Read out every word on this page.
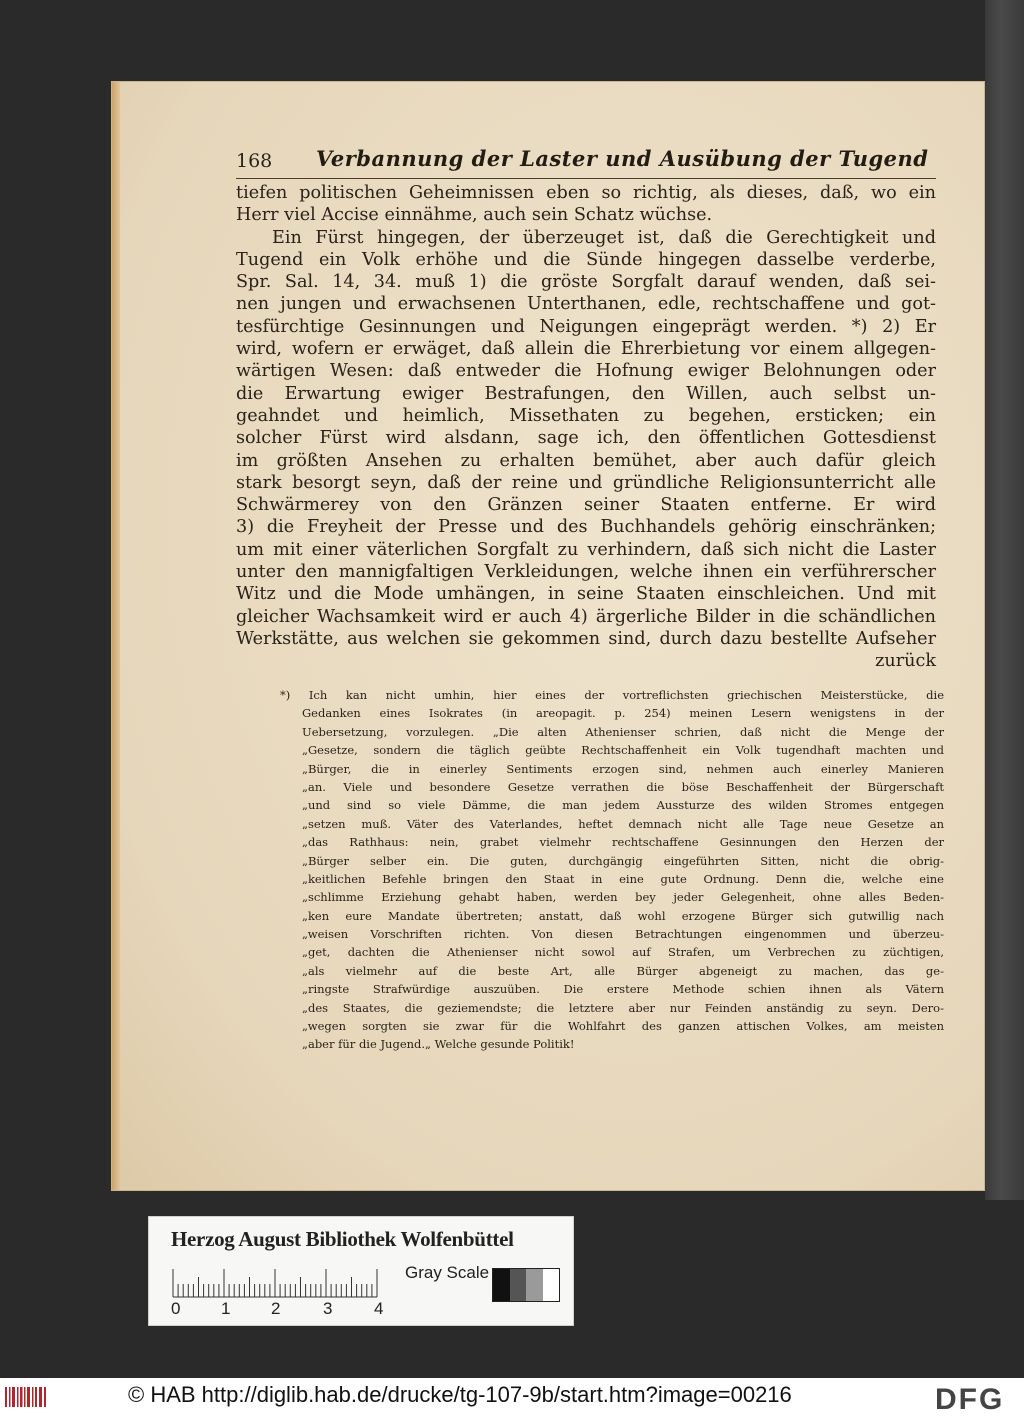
168 Verbannung der Laster und Ausübung der Tugend
tiefen politischen Geheimnissen eben so richtig, als dieses, daß, wo ein
Herr viel Accise einnähme, auch sein Schatz wüchse.
Ein Fürst hingegen, der überzeuget ist, daß die Gerechtigkeit und
Tugend ein Volk erhöhe und die Sünde hingegen dasselbe verderbe,
Spr. Sal. 14, 34. muß 1) die gröste Sorgfalt darauf wenden, daß sei-
nen jungen und erwachsenen Unterthanen, edle, rechtschaffene und got-
tesfürchtige Gesinnungen und Neigungen eingeprägt werden. *) 2) Er
wird, wofern er erwäget, daß allein die Ehrerbietung vor einem allgegen-
wärtigen Wesen: daß entweder die Hofnung ewiger Belohnungen oder
die Erwartung ewiger Bestrafungen, den Willen, auch selbst un-
geahndet und heimlich, Missethaten zu begehen, ersticken; ein
solcher Fürst wird alsdann, sage ich, den öffentlichen Gottesdienst
im größten Ansehen zu erhalten bemühet, aber auch dafür gleich
stark besorgt seyn, daß der reine und gründliche Religionsunterricht alle
Schwärmerey von den Gränzen seiner Staaten entferne. Er wird
3) die Freyheit der Presse und des Buchhandels gehörig einschränken;
um mit einer väterlichen Sorgfalt zu verhindern, daß sich nicht die Laster
unter den mannigfaltigen Verkleidungen, welche ihnen ein verführerscher
Witz und die Mode umhängen, in seine Staaten einschleichen. Und mit
gleicher Wachsamkeit wird er auch 4) ärgerliche Bilder in die schändlichen
Werkstätte, aus welchen sie gekommen sind, durch dazu bestellte Aufseher
zurück
*) Ich kan nicht umhin, hier eines der vortreflichsten griechischen Meisterstücke, die
Gedanken eines Isokrates (in areopagit. p. 254) meinen Lesern wenigstens in der
Uebersetzung, vorzulegen. „Die alten Athenienser schrien, daß nicht die Menge der
„Gesetze, sondern die täglich geübte Rechtschaffenheit ein Volk tugendhaft machten und
„Bürger, die in einerley Sentiments erzogen sind, nehmen auch einerley Manieren
„an. Viele und besondere Gesetze verrathen die böse Beschaffenheit der Bürgerschaft
„und sind so viele Dämme, die man jedem Aussturze des wilden Stromes entgegen
„setzen muß. Väter des Vaterlandes, heftet demnach nicht alle Tage neue Gesetze an
„das Rathhaus: nein, grabet vielmehr rechtschaffene Gesinnungen den Herzen der
„Bürger selber ein. Die guten, durchgängig eingeführten Sitten, nicht die obrig-
„keitlichen Befehle bringen den Staat in eine gute Ordnung. Denn die, welche eine
„schlimme Erziehung gehabt haben, werden bey jeder Gelegenheit, ohne alles Beden-
„ken eure Mandate übertreten; anstatt, daß wohl erzogene Bürger sich gutwillig nach
„weisen Vorschriften richten. Von diesen Betrachtungen eingenommen und überzeu-
„get, dachten die Athenienser nicht sowol auf Strafen, um Verbrechen zu züchtigen,
„als vielmehr auf die beste Art, alle Bürger abgeneigt zu machen, das ge-
„ringste Strafwürdige auszuüben. Die erstere Methode schien ihnen als Vätern
„des Staates, die geziemendste; die letztere aber nur Feinden anständig zu seyn. Dero-
„wegen sorgten sie zwar für die Wohlfahrt des ganzen attischen Volkes, am meisten
„aber für die Jugend.„ Welche gesunde Politik!
Herzog August Bibliothek Wolfenbüttel
0 1 2	3 4
Gray Scale
© HAB http://diglib.hab.de/drucke/tg-107-9b/start.htm?image=00216	DFG
